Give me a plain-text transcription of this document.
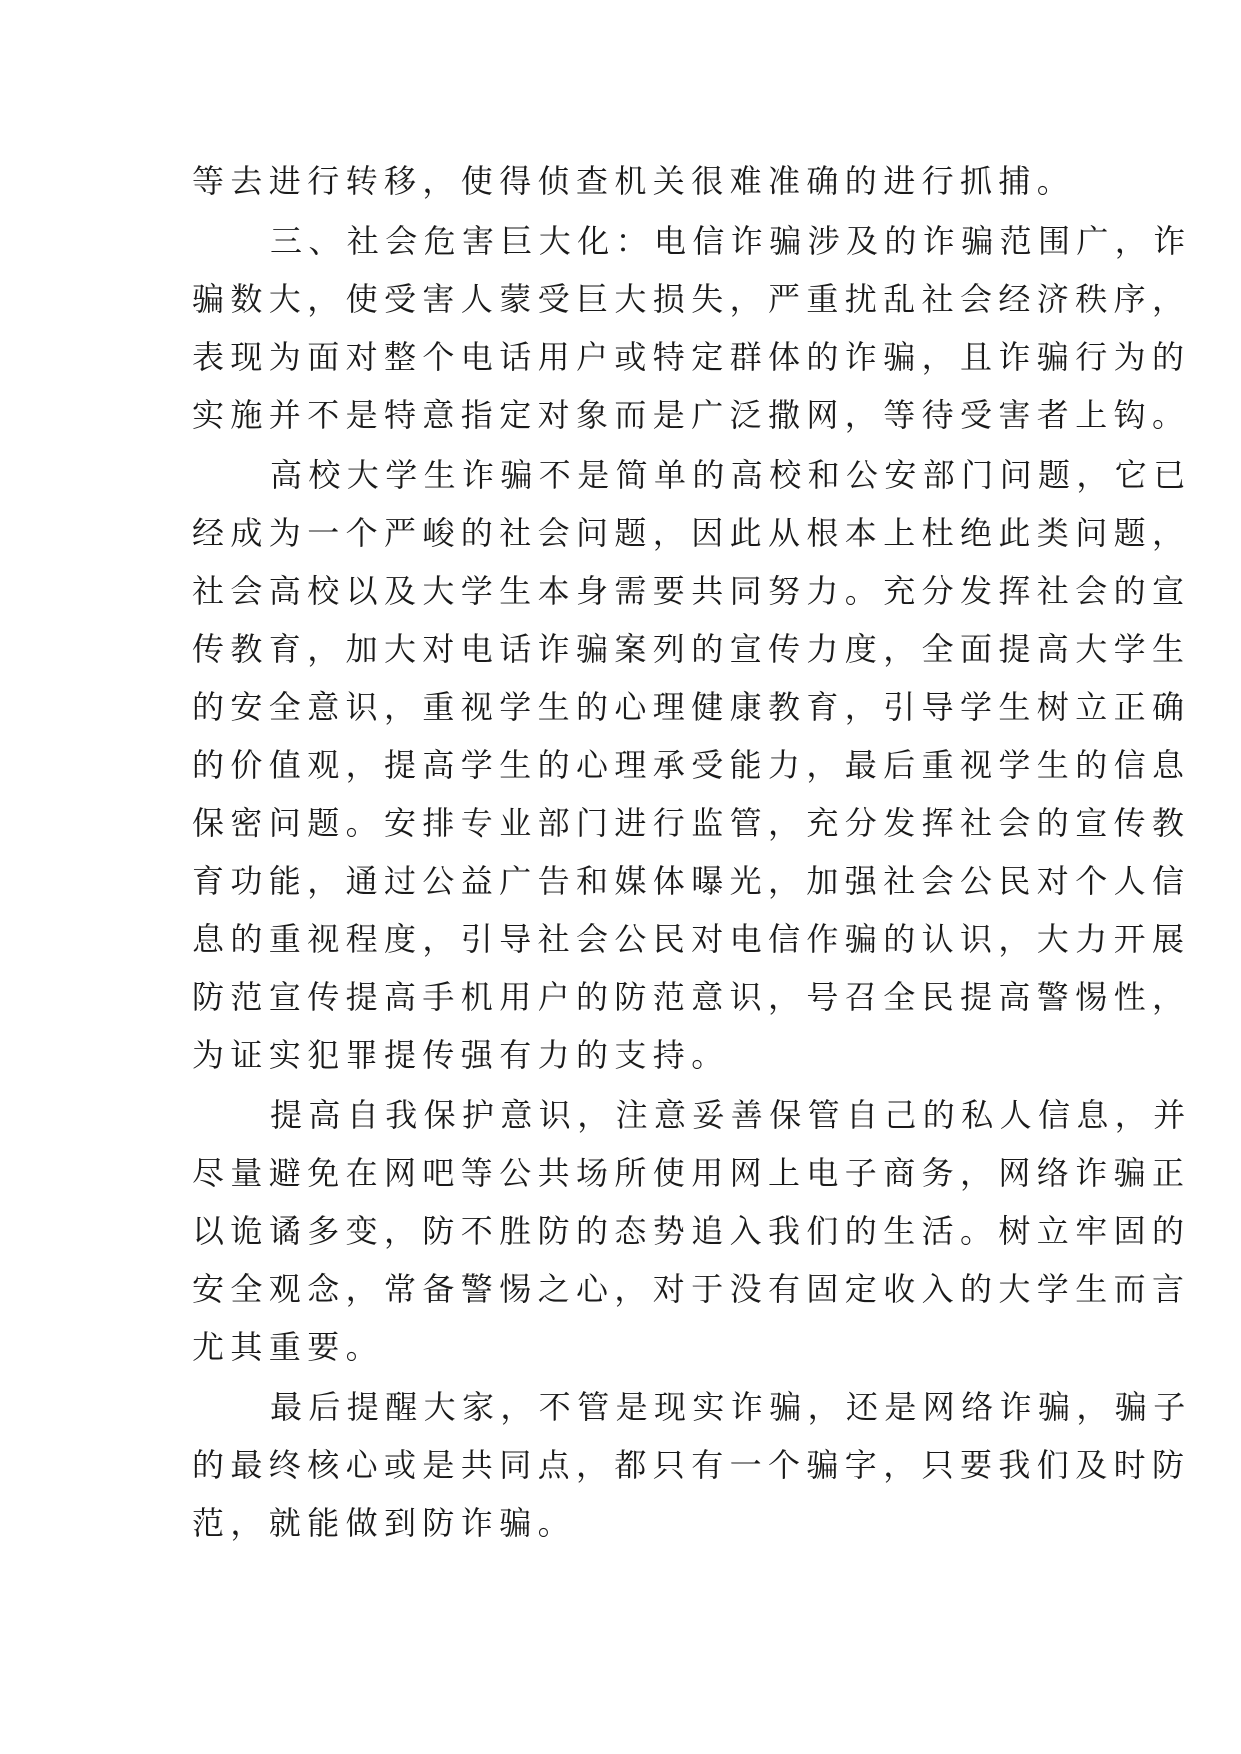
等去进行转移，使得侦查机关很难准确的进行抓捕。
三、社会危害巨大化：电信诈骗涉及的诈骗范围广，诈
骗数大，使受害人蒙受巨大损失，严重扰乱社会经济秩序，
表现为面对整个电话用户或特定群体的诈骗，且诈骗行为的
实施并不是特意指定对象而是广泛撒网，等待受害者上钩。
高校大学生诈骗不是简单的高校和公安部门问题，它已
经成为一个严峻的社会问题，因此从根本上杜绝此类问题，
社会高校以及大学生本身需要共同努力。充分发挥社会的宣
传教育，加大对电话诈骗案列的宣传力度，全面提高大学生
的安全意识，重视学生的心理健康教育，引导学生树立正确
的价值观，提高学生的心理承受能力，最后重视学生的信息
保密问题。安排专业部门进行监管，充分发挥社会的宣传教
育功能，通过公益广告和媒体曝光，加强社会公民对个人信
息的重视程度，引导社会公民对电信作骗的认识，大力开展
防范宣传提高手机用户的防范意识，号召全民提高警惕性，
为证实犯罪提传强有力的支持。
提高自我保护意识，注意妥善保管自己的私人信息，并
尽量避免在网吧等公共场所使用网上电子商务，网络诈骗正
以诡谲多变，防不胜防的态势追入我们的生活。树立牢固的
安全观念，常备警惕之心，对于没有固定收入的大学生而言
尤其重要。
最后提醒大家，不管是现实诈骗，还是网络诈骗，骗子
的最终核心或是共同点，都只有一个骗字，只要我们及时防
范，就能做到防诈骗。
